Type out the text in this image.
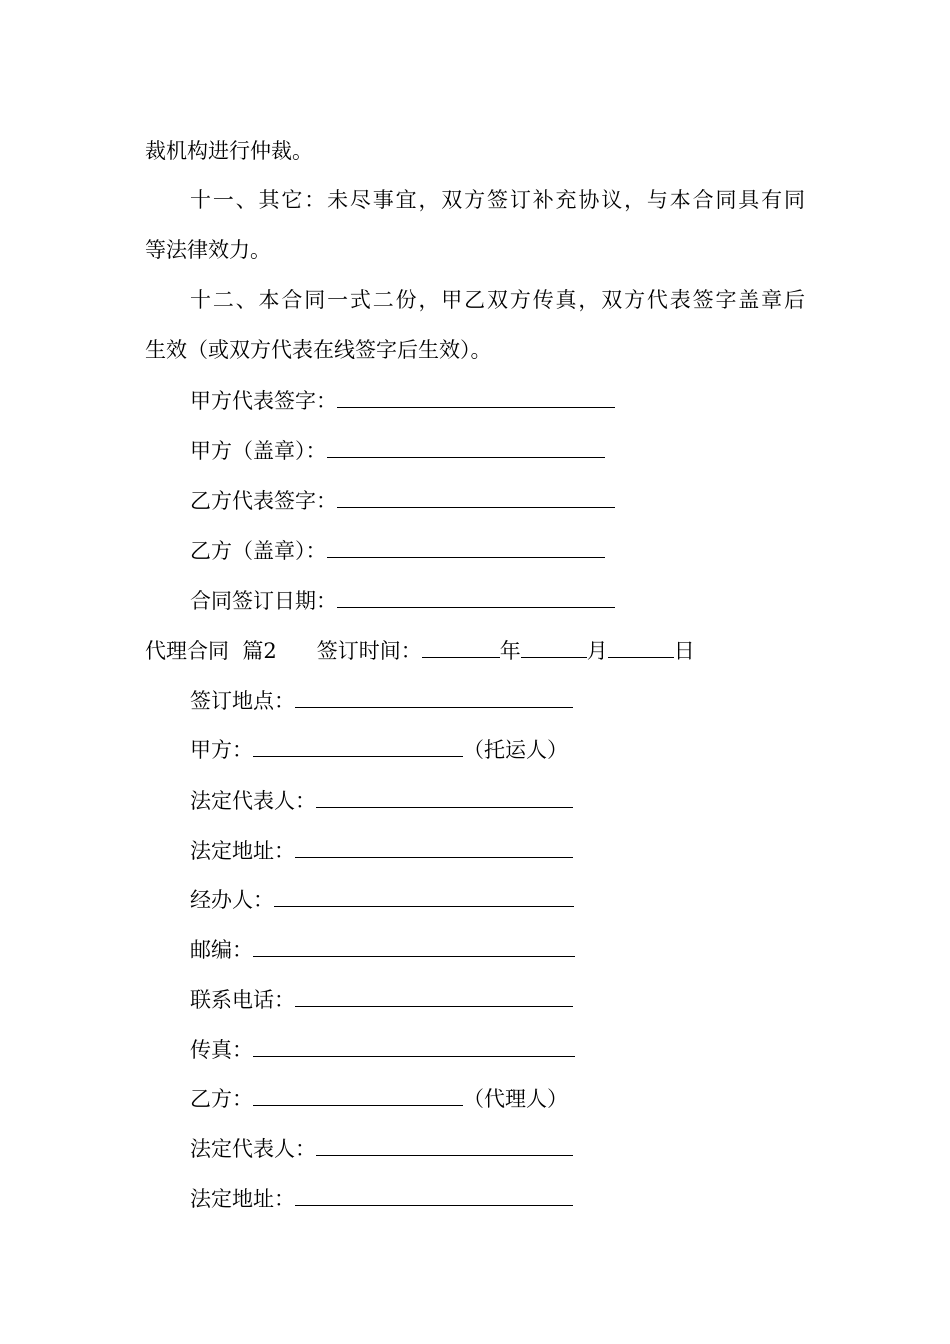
裁机构进行仲裁。
十一、其它：未尽事宜，双方签订补充协议，与本合同具有同
等法律效力。
十二、本合同一式二份，甲乙双方传真，双方代表签字盖章后
生效（或双方代表在线签字后生效）。
甲方代表签字：
甲方（盖章）：
乙方代表签字：
乙方（盖章）：
合同签订日期：
代理合同  篇2 签订时间：	年	月	日
签订地点：
甲方：	（托运人）
法定代表人：
法定地址：
经办人：
邮编：
联系电话：
传真：
乙方：	（代理人）
法定代表人：
法定地址：
